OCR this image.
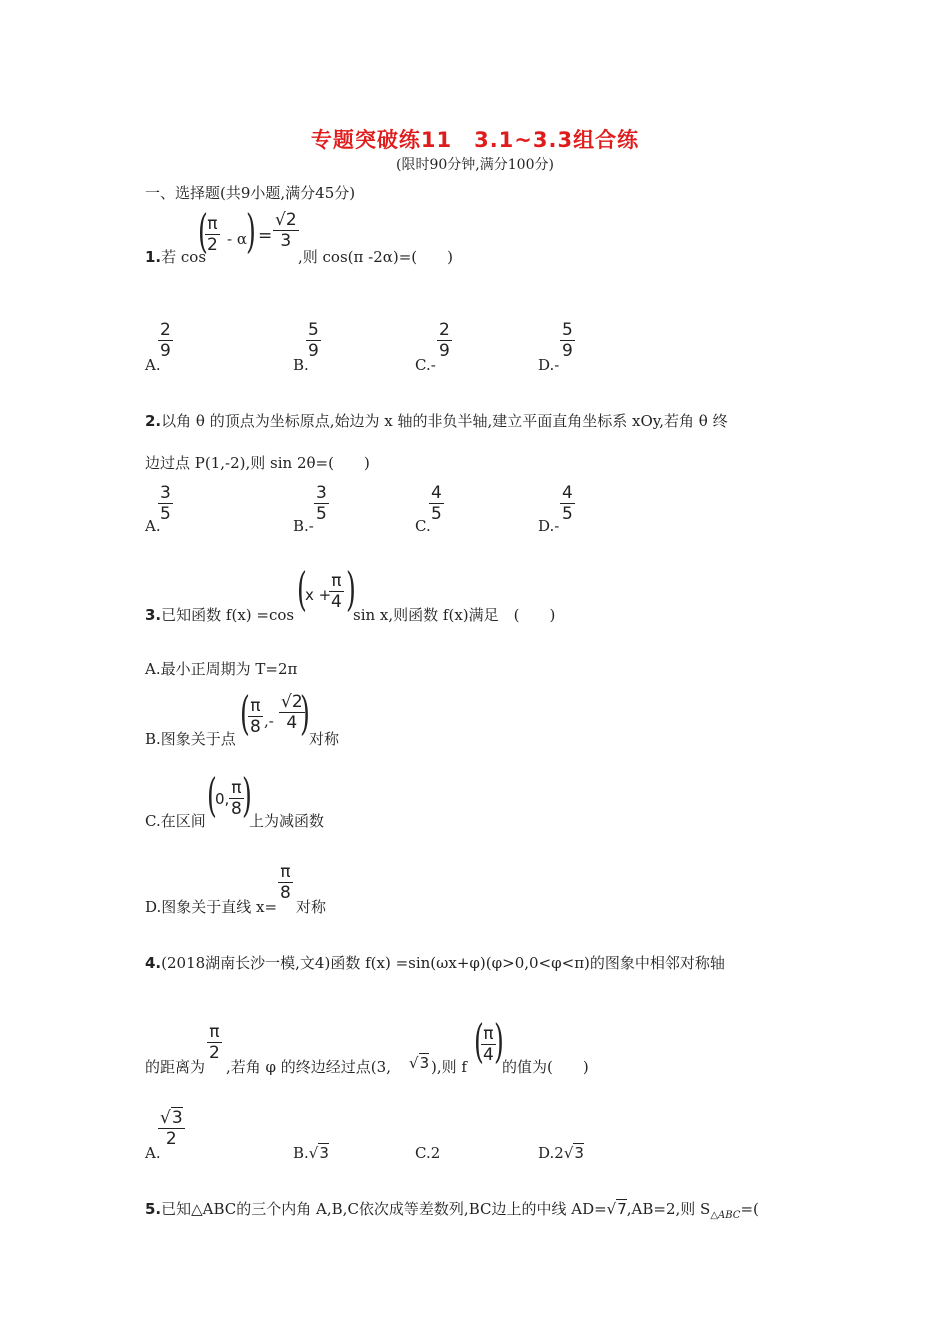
专题突破练11　3.1~3.3组合练
(限时90分钟,满分100分)
一、选择题(共9小题,满分45分)
1.若 cos
(
$\frac{\pi}{2}$ - α ) = $\frac{√2}{3}$
,则 cos(π -2α)=(　　)
A.
$\frac{2}{9}$
B.
$\frac{5}{9}$
C.-
$\frac{2}{9}$
D.-
$\frac{5}{9}$
2.以角 θ 的顶点为坐标原点,始边为 x 轴的非负半轴,建立平面直角坐标系 xOy,若角 θ 终
边过点 P(1,-2),则 sin 2θ=(　　)
A.
$\frac{3}{5}$
B.-
$\frac{3}{5}$
C.
$\frac{4}{5}$
D.-
$\frac{4}{5}$
3.已知函数 f(x) =cos (
x +
$\frac{\pi}{4}$ )
sin x,则函数 f(x)满足　(　　)
A.最小正周期为 T=2π
B.图象关于点 (
$\frac{\pi}{8}$ ,- $\frac{√2}{4}$
) 对称
C.在区间 (
0, $\frac{\pi}{8}$
)
上为减函数
D.图象关于直线 x=
$\frac{\pi}{8}$
对称
4.(2018湖南长沙一模,文4)函数 f(x) =sin(ωx+φ)(φ>0,0<φ<π)的图象中相邻对称轴
的距离为
$\frac{\pi}{2}$
,若角 φ 的终边经过点(3, √3 ),则 f (
$\frac{\pi}{4}$
)
的值为(　　)
A.
$\frac{√3}{2}$
B.√3	C.2	D.2√3
5.已知△ABC的三个内角 A,B,C依次成等差数列,BC边上的中线 AD=√7,AB=2,则 $S_{\triangle ABC}=$(
